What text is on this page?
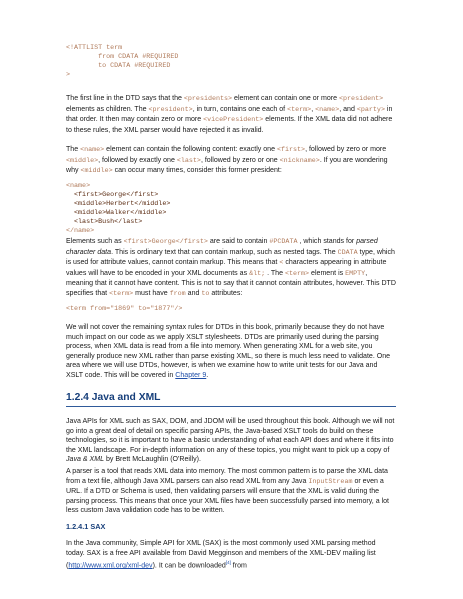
<!ATTLIST term
from CDATA #REQUIRED
to CDATA #REQUIRED
>

The first line in the DTD says that the <presidents> element can contain one or more <president> elements as children. The <president>, in turn, contains one each of <term>, <name>, and <party> in that order. It then may contain zero or more <vicePresident> elements. If the XML data did not adhere to these rules, the XML parser would have rejected it as invalid.

The <name> element can contain the following content: exactly one <first>, followed by zero or more <middle>, followed by exactly one <last>, followed by zero or one <nickname>. If you are wondering why <middle> can occur many times, consider this former president:

<name>
<first>George</first>
<middle>Herbert</middle>
<middle>Walker</middle>
<last>Bush</last>
</name>

Elements such as <first>George</first> are said to contain #PCDATA , which stands for parsed character data. This is ordinary text that can contain markup, such as nested tags. The CDATA type, which is used for attribute values, cannot contain markup. This means that < characters appearing in attribute values will have to be encoded in your XML documents as &lt; . The <term> element is EMPTY, meaning that it cannot have content. This is not to say that it cannot contain attributes, however. This DTD specifies that <term> must have from and to attributes:

<term from="1869" to="1877"/>

We will not cover the remaining syntax rules for DTDs in this book, primarily because they do not have much impact on our code as we apply XSLT stylesheets. DTDs are primarily used during the parsing process, when XML data is read from a file into memory. When generating XML for a web site, you generally produce new XML rather than parse existing XML, so there is much less need to validate. One area where we will use DTDs, however, is when we examine how to write unit tests for our Java and XSLT code. This will be covered in Chapter 9.

1.2.4 Java and XML

Java APIs for XML such as SAX, DOM, and JDOM will be used throughout this book. Although we will not go into a great deal of detail on specific parsing APIs, the Java-based XSLT tools do build on these technologies, so it is important to have a basic understanding of what each API does and where it fits into the XML landscape. For in-depth information on any of these topics, you might want to pick up a copy of Java & XML by Brett McLaughlin (O'Reilly).

A parser is a tool that reads XML data into memory. The most common pattern is to parse the XML data from a text file, although Java XML parsers can also read XML from any Java InputStream or even a URL. If a DTD or Schema is used, then validating parsers will ensure that the XML is valid during the parsing process. This means that once your XML files have been successfully parsed into memory, a lot less custom Java validation code has to be written.

1.2.4.1 SAX

In the Java community, Simple API for XML (SAX) is the most commonly used XML parsing method today. SAX is a free API available from David Megginson and members of the XML-DEV mailing list (http://www.xml.org/xml-dev). It can be downloaded[4] from
